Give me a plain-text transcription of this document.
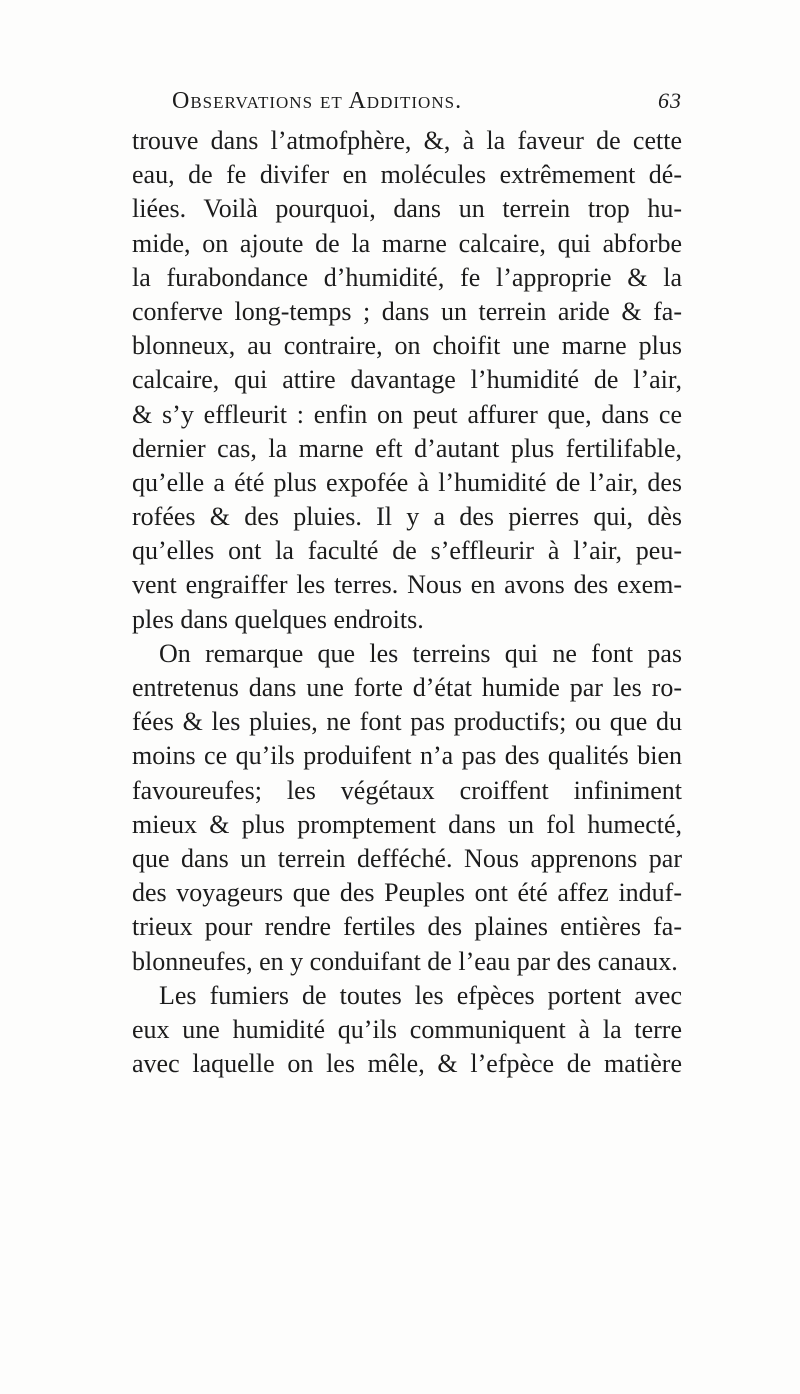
Observations et Additions.	63
trouve dans l’atmofphère, &, à la faveur de cette
eau, de fe divifer en molécules extrêmement dé-
liées. Voilà pourquoi, dans un terrein trop hu-
mide, on ajoute de la marne calcaire, qui abforbe
la furabondance d’humidité, fe l’approprie & la
conferve long-temps ; dans un terrein aride & fa-
blonneux, au contraire, on choifit une marne plus
calcaire, qui attire davantage l’humidité de l’air,
& s’y effleurit : enfin on peut affurer que, dans ce
dernier cas, la marne eft d’autant plus fertilifable,
qu’elle a été plus expofée à l’humidité de l’air, des
rofées & des pluies. Il y a des pierres qui, dès
qu’elles ont la faculté de s’effleurir à l’air, peu-
vent engraiffer les terres. Nous en avons des exem-
ples dans quelques endroits.
On remarque que les terreins qui ne font pas
entretenus dans une forte d’état humide par les ro-
fées & les pluies, ne font pas productifs; ou que du
moins ce qu’ils produifent n’a pas des qualités bien
favoureufes; les végétaux croiffent infiniment
mieux & plus promptement dans un fol humecté,
que dans un terrein defféché. Nous apprenons par
des voyageurs que des Peuples ont été affez induf-
trieux pour rendre fertiles des plaines entières fa-
blonneufes, en y conduifant de l’eau par des canaux.
Les fumiers de toutes les efpèces portent avec
eux une humidité qu’ils communiquent à la terre
avec laquelle on les mêle, & l’efpèce de matière
